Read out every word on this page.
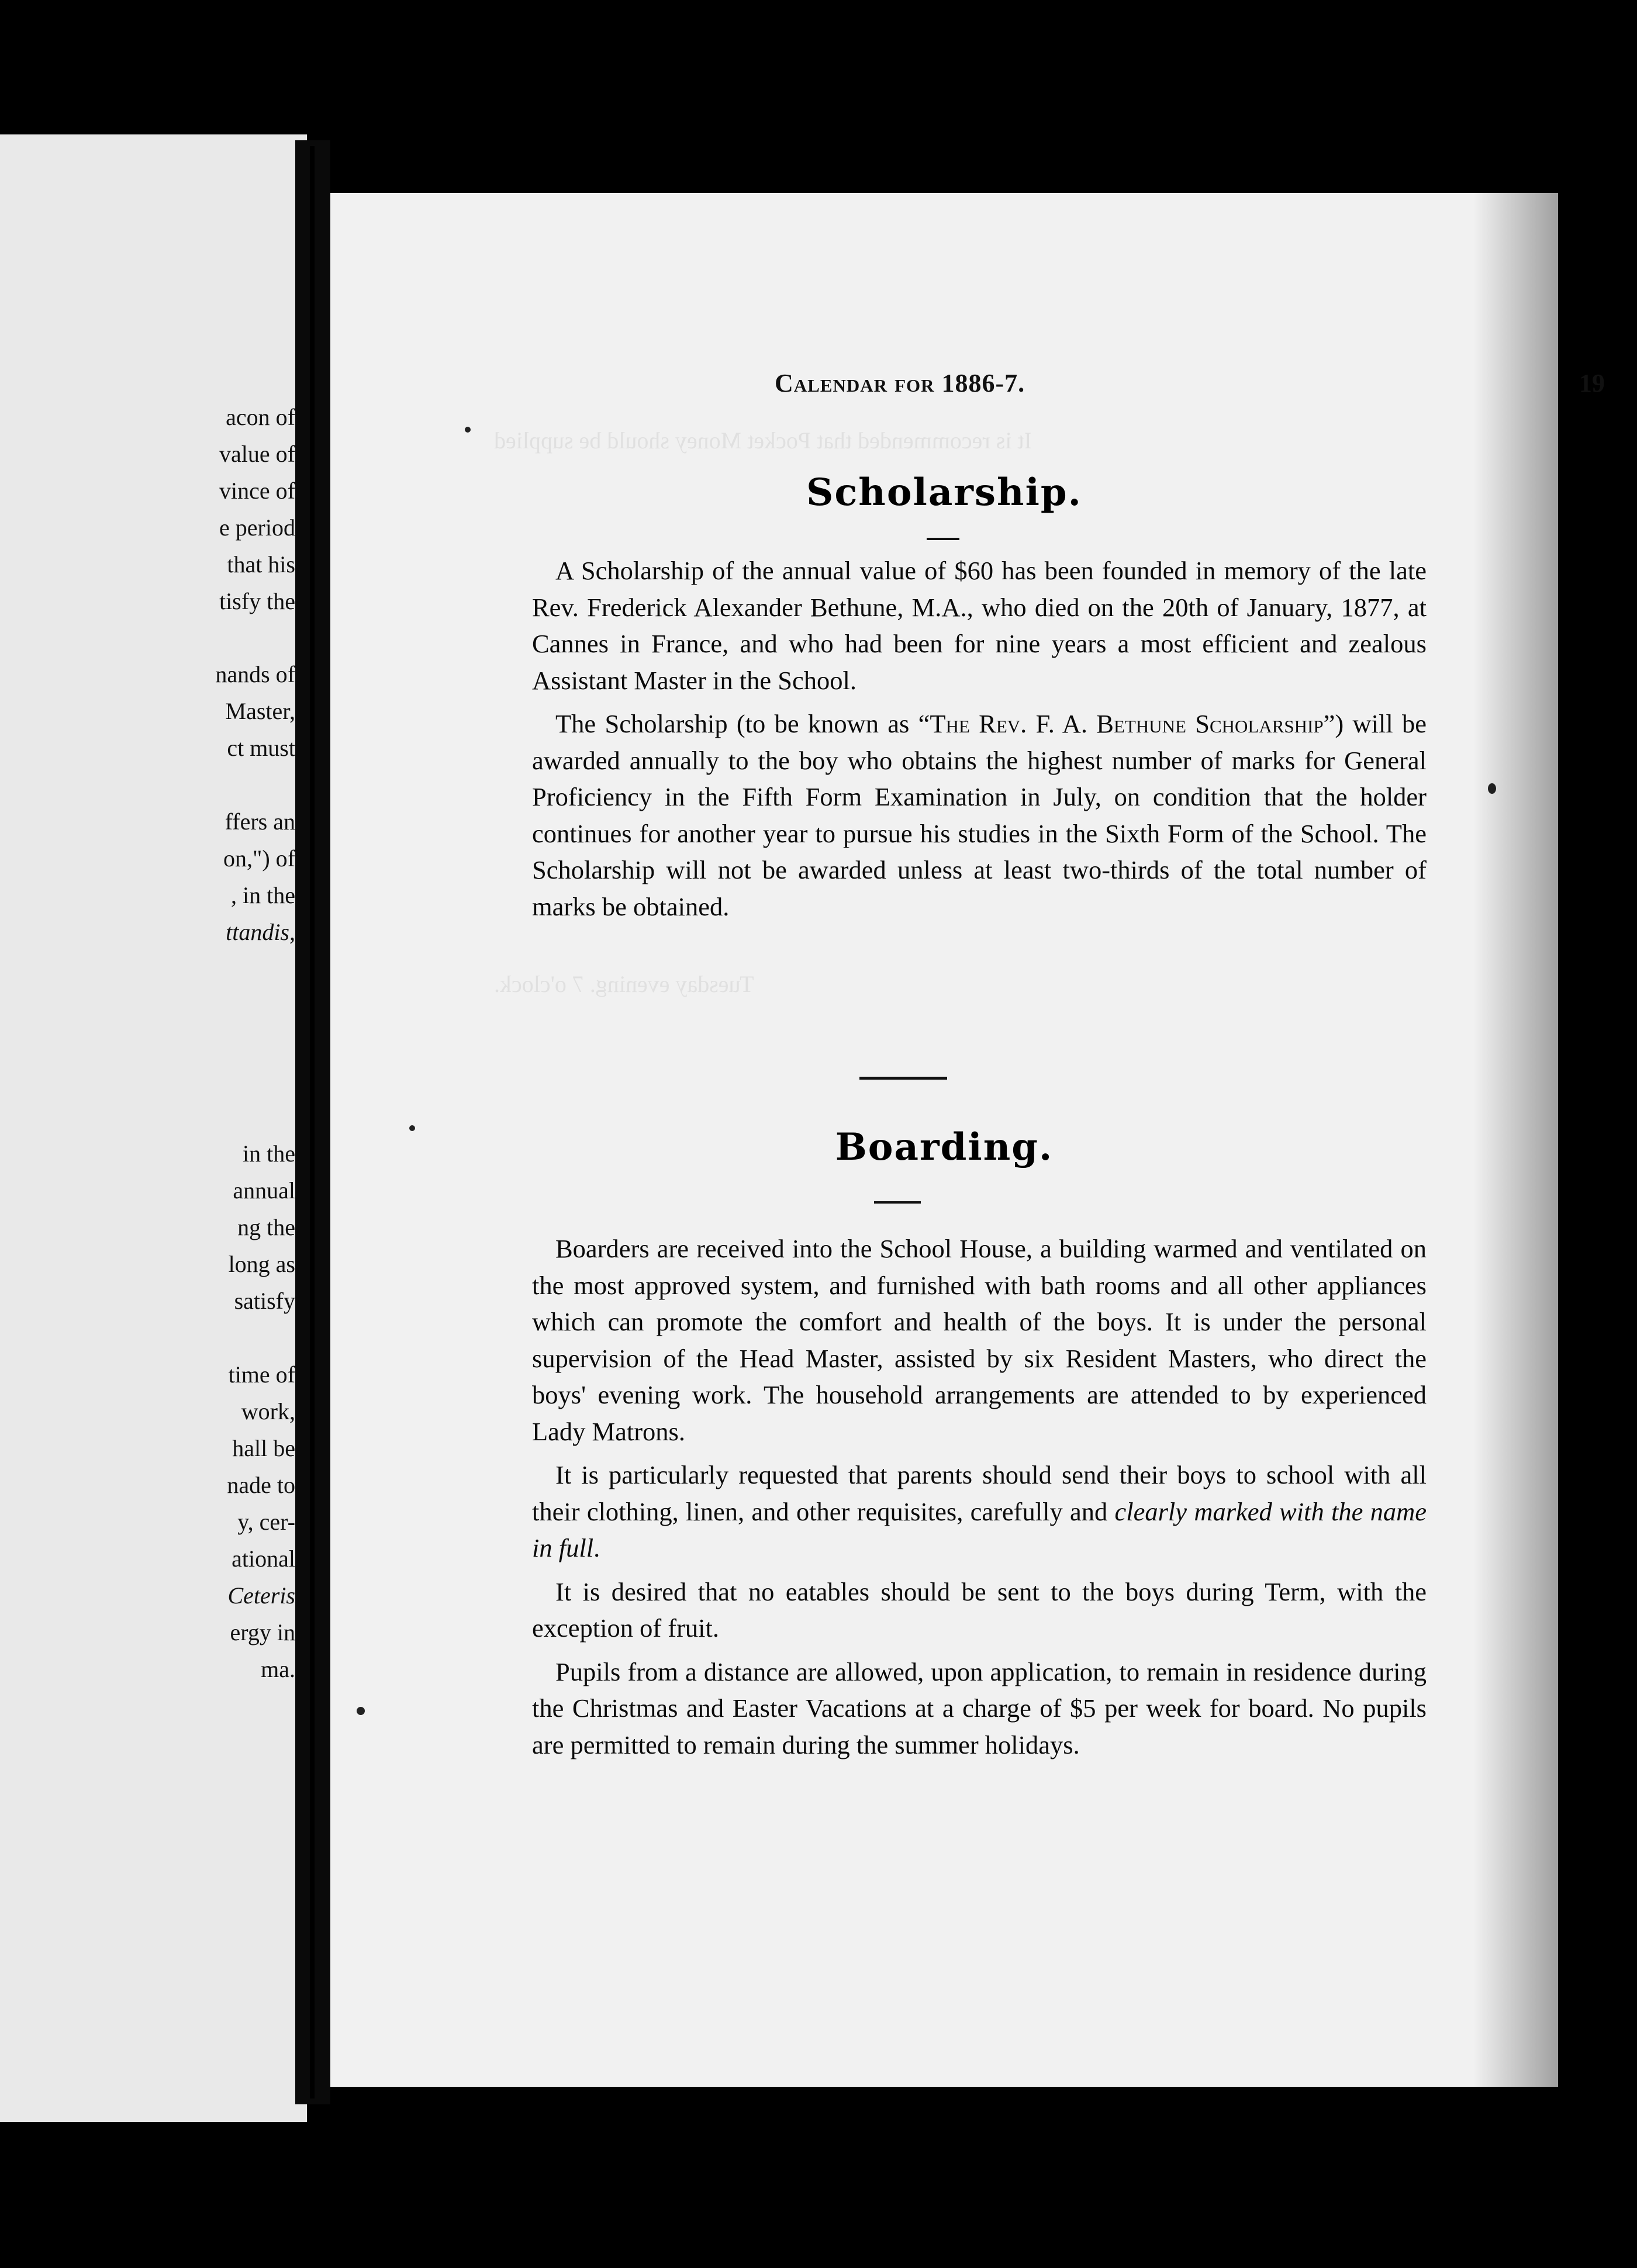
acon of
value of
vince of
e period
that his
tisfy the
nands of
Master,
ct must
ffers an
on,") of
, in the
ttandis,
in the
annual
ng the
long as
satisfy
time of
work,
hall be
nade to
y, cer-
ational
Ceteris
ergy in
ma.
It is recommended that Pocket Money should be supplied
Tuesday evening. 7 o'clock.
Calendar for 1886-7.	19
Scholarship.

A Scholarship of the annual value of $60 has been founded in memory of the late Rev. Frederick Alexander Bethune, M.A., who died on the 20th of January, 1877, at Cannes in France, and who had been for nine years a most efficient and zealous Assistant Master in the School.

The Scholarship (to be known as “The Rev. F. A. Bethune Scholarship”) will be awarded annually to the boy who obtains the highest number of marks for General Proficiency in the Fifth Form Examination in July, on condition that the holder continues for another year to pursue his studies in the Sixth Form of the School. The Scholarship will not be awarded unless at least two-thirds of the total number of marks be obtained.

Boarding.

Boarders are received into the School House, a building warmed and ventilated on the most approved system, and furnished with bath rooms and all other appliances which can promote the comfort and health of the boys. It is under the personal supervision of the Head Master, assisted by six Resident Masters, who direct the boys' evening work. The household arrangements are attended to by experienced Lady Matrons.

It is particularly requested that parents should send their boys to school with all their clothing, linen, and other requisites, carefully and clearly marked with the name in full.

It is desired that no eatables should be sent to the boys during Term, with the exception of fruit.

Pupils from a distance are allowed, upon application, to remain in residence during the Christmas and Easter Vacations at a charge of $5 per week for board. No pupils are permitted to remain during the summer holidays.
